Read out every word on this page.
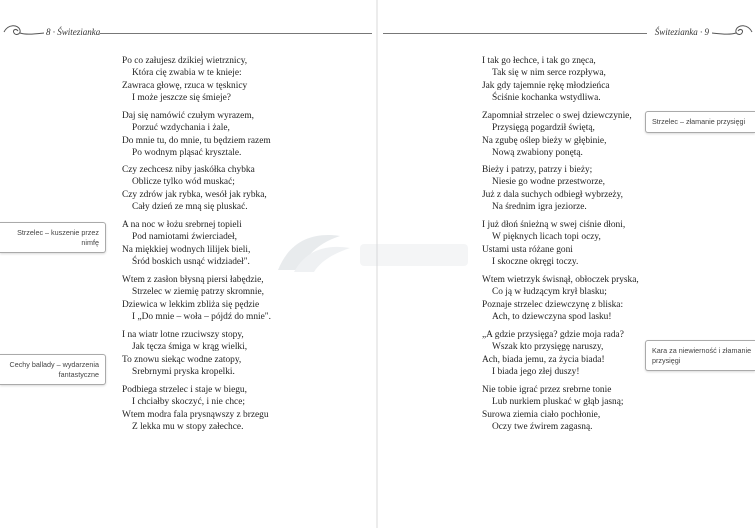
8 · Świtezianka	Świtezianka · 9
Po co załujesz dzikiej wietrznicy,
Która cię zwabia w te knieje:
Zawraca głowę, rzuca w tęsknicy
I może jeszcze się śmieje?
Daj się namówić czułym wyrazem,
Porzuć wzdychania i żale,
Do mnie tu, do mnie, tu będziem razem
Po wodnym pląsać krysztale.
Czy zechcesz niby jaskółka chybka
Oblicze tylko wód muskać;
Czy zdrów jak rybka, wesół jak rybka,
Cały dzień ze mną się pluskać.
A na noc w łożu srebrnej topieli
Pod namiotami źwierciadeł,
Na miękkiej wodnych lilijek bieli,
Śród boskich usnąć widziadeł".
Wtem z zasłon błysną piersi łabędzie,
Strzelec w ziemię patrzy skromnie,
Dziewica w lekkim zbliża się pędzie
I „Do mnie – woła – pójdź do mnie".
I na wiatr lotne rzuciwszy stopy,
Jak tęcza śmiga w krąg wielki,
To znowu siekąc wodne zatopy,
Srebrnymi pryska kropelki.
Podbiega strzelec i staje w biegu,
I chciałby skoczyć, i nie chce;
Wtem modra fala prysnąwszy z brzegu
Z lekka mu w stopy załechce.
I tak go łechce, i tak go znęca,
Tak się w nim serce rozpływa,
Jak gdy tajemnie rękę młodzieńca
Ściśnie kochanka wstydliwa.
Zapomniał strzelec o swej dziewczynie,
Przysięgą pogardził świętą,
Na zgubę oślep bieży w głębinie,
Nową zwabiony ponętą.
Bieży i patrzy, patrzy i bieży;
Niesie go wodne przestworze,
Już z dala suchych odbiegł wybrzeży,
Na średnim igra jeziorze.
I już dłoń śnieżną w swej ciśnie dłoni,
W pięknych licach topi oczy,
Ustami usta różane goni
I skoczne okręgi toczy.
Wtem wietrzyk świsnął, obłoczek pryska,
Co ją w łudzącym krył blasku;
Poznaje strzelec dziewczynę z bliska:
Ach, to dziewczyna spod lasku!
„A gdzie przysięga? gdzie moja rada?
Wszak kto przysięgę naruszy,
Ach, biada jemu, za życia biada!
I biada jego złej duszy!
Nie tobie igrać przez srebrne tonie
Lub nurkiem pluskać w głąb jasną;
Surowa ziemia ciało pochłonie,
Oczy twe źwirem zagasną.
Strzelec – kuszenie przez nimfę
Cechy ballady – wydarzenia fantastyczne
Strzelec – złamanie przysięgi
Kara za niewierność i złamanie przysięgi
